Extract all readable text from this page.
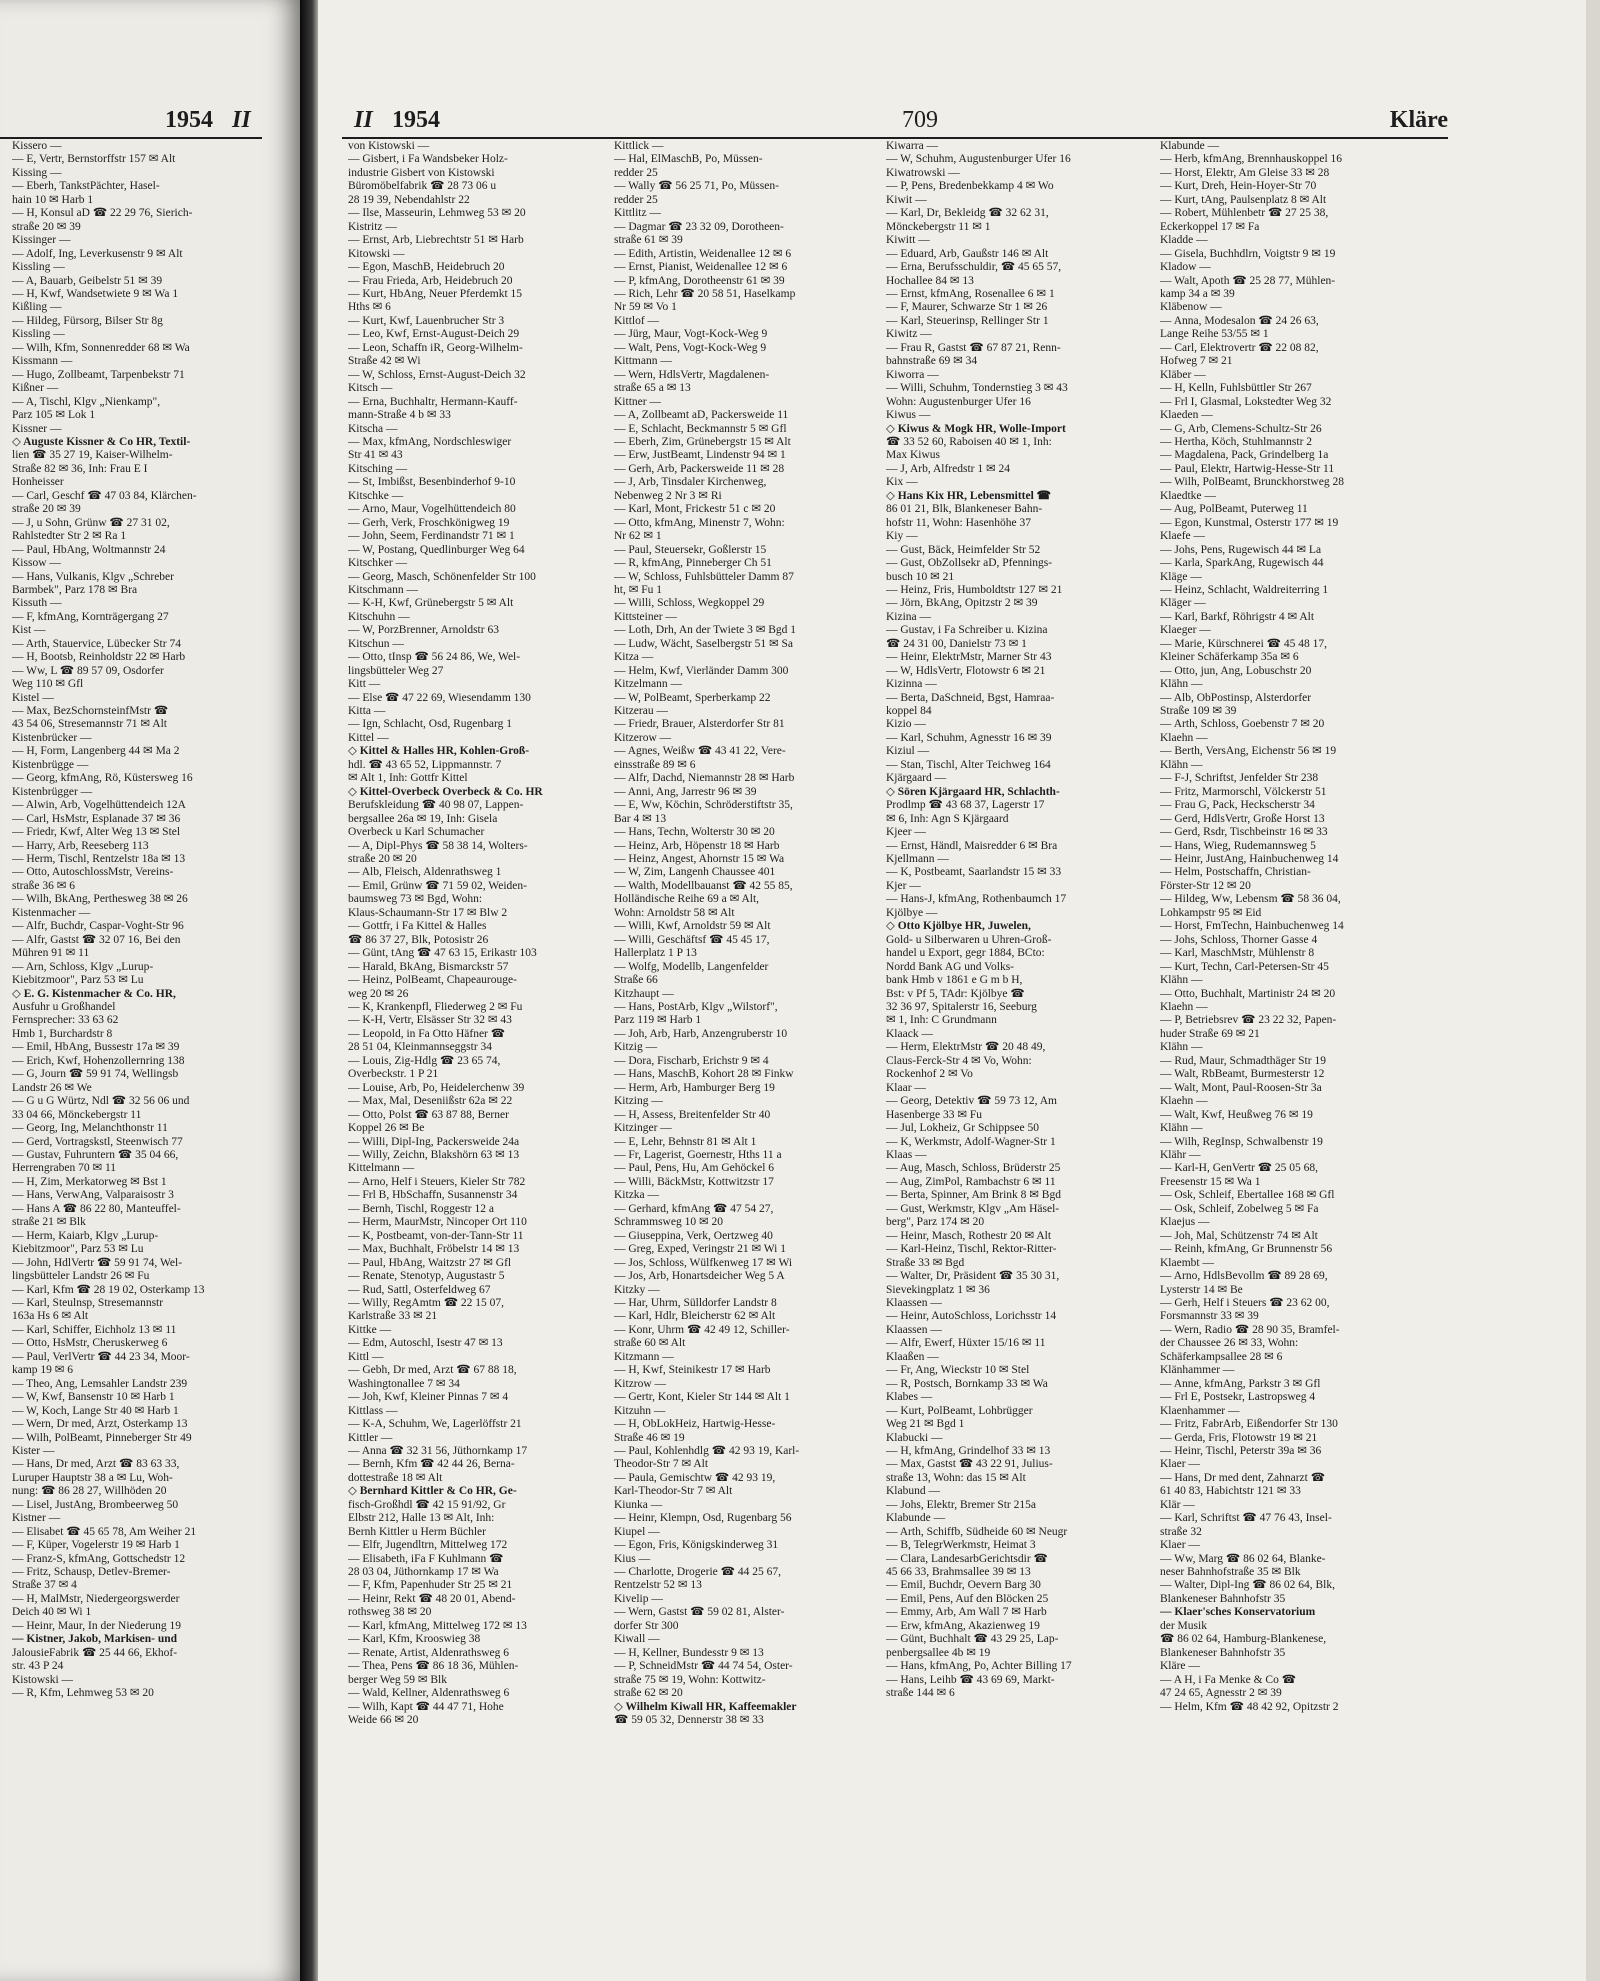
1954 II
Kissero —
— E, Vertr, Bernstorffstr 157 ✉ Alt
Kissing —
— Eberh, TankstPächter, Hasel-
hain 10 ✉ Harb 1
— H, Konsul aD ☎ 22 29 76, Sierich-
straße 20 ✉ 39
Kissinger —
— Adolf, Ing, Leverkusenstr 9 ✉ Alt
Kissling —
— A, Bauarb, Geibelstr 51 ✉ 39
— H, Kwf, Wandsetwiete 9 ✉ Wa 1
Kißling —
— Hildeg, Fürsorg, Bilser Str 8g
Kissling —
— Wilh, Kfm, Sonnenredder 68 ✉ Wa
Kissmann —
— Hugo, Zollbeamt, Tarpenbekstr 71
Kißner —
— A, Tischl, Klgv „Nienkamp",
Parz 105 ✉ Lok 1
Kissner —
◇ Auguste Kissner & Co HR, Textil-
lien ☎ 35 27 19, Kaiser-Wilhelm-
Straße 82 ✉ 36, Inh: Frau E I
Honheisser
— Carl, Geschf ☎ 47 03 84, Klärchen-
straße 20 ✉ 39
— J, u Sohn, Grünw ☎ 27 31 02,
Rahlstedter Str 2 ✉ Ra 1
— Paul, HbAng, Woltmannstr 24
Kissow —
— Hans, Vulkanis, Klgv „Schreber
Barmbek", Parz 178 ✉ Bra
Kissuth —
— F, kfmAng, Kornträgergang 27
Kist —
— Arth, Stauervice, Lübecker Str 74
— H, Bootsb, Reinholdstr 22 ✉ Harb
— Ww, L ☎ 89 57 09, Osdorfer
Weg 110 ✉ Gfl
Kistel —
— Max, BezSchornsteinfMstr ☎
43 54 06, Stresemannstr 71 ✉ Alt
Kistenbrücker —
— H, Form, Langenberg 44 ✉ Ma 2
Kistenbrügge —
— Georg, kfmAng, Rö, Küstersweg 16
Kistenbrügger —
— Alwin, Arb, Vogelhüttendeich 12A
— Carl, HsMstr, Esplanade 37 ✉ 36
— Friedr, Kwf, Alter Weg 13 ✉ Stel
— Harry, Arb, Reeseberg 113
— Herm, Tischl, Rentzelstr 18a ✉ 13
— Otto, AutoschlossMstr, Vereins-
straße 36 ✉ 6
— Wilh, BkAng, Perthesweg 38 ✉ 26
Kistenmacher —
— Alfr, Buchdr, Caspar-Voght-Str 96
— Alfr, Gastst ☎ 32 07 16, Bei den
Mühren 91 ✉ 11
— Arn, Schloss, Klgv „Lurup-
Kiebitzmoor", Parz 53 ✉ Lu
◇ E. G. Kistenmacher & Co. HR,
Ausfuhr u Großhandel
Fernsprecher: 33 63 62
Hmb 1, Burchardstr 8
— Emil, HbAng, Bussestr 17a ✉ 39
— Erich, Kwf, Hohenzollernring 138
— G, Journ ☎ 59 91 74, Wellingsb
Landstr 26 ✉ We
— G u G Würtz, Ndl ☎ 32 56 06 und
33 04 66, Mönckebergstr 11
— Georg, Ing, Melanchthonstr 11
— Gerd, Vortragskstl, Steenwisch 77
— Gustav, Fuhruntern ☎ 35 04 66,
Herrengraben 70 ✉ 11
— H, Zim, Merkatorweg ✉ Bst 1
— Hans, VerwAng, Valparaisostr 3
— Hans A ☎ 86 22 80, Manteuffel-
straße 21 ✉ Blk
— Herm, Kaiarb, Klgv „Lurup-
Kiebitzmoor", Parz 53 ✉ Lu
— John, HdlVertr ☎ 59 91 74, Wel-
lingsbütteler Landstr 26 ✉ Fu
— Karl, Kfm ☎ 28 19 02, Osterkamp 13
— Karl, Steulnsp, Stresemannstr
163a Hs 6 ✉ Alt
— Karl, Schiffer, Eichholz 13 ✉ 11
— Otto, HsMstr, Cheruskerweg 6
— Paul, VerlVertr ☎ 44 23 34, Moor-
kamp 19 ✉ 6
— Theo, Ang, Lemsahler Landstr 239
— W, Kwf, Bansenstr 10 ✉ Harb 1
— W, Koch, Lange Str 40 ✉ Harb 1
— Wern, Dr med, Arzt, Osterkamp 13
— Wilh, PolBeamt, Pinneberger Str 49
Kister —
— Hans, Dr med, Arzt ☎ 83 63 33,
Luruper Hauptstr 38 a ✉ Lu, Woh-
nung: ☎ 86 28 27, Willhöden 20
— Lisel, JustAng, Brombeerweg 50
Kistner —
— Elisabet ☎ 45 65 78, Am Weiher 21
— F, Küper, Vogelerstr 19 ✉ Harb 1
— Franz-S, kfmAng, Gottschedstr 12
— Fritz, Schausp, Detlev-Bremer-
Straße 37 ✉ 4
— H, MalMstr, Niedergeorgswerder
Deich 40 ✉ Wi 1
— Heinr, Maur, In der Niederung 19
— Kistner, Jakob, Markisen- und
JalousieFabrik ☎ 25 44 66, Ekhof-
str. 43 P 24
Kistowski —
— R, Kfm, Lehmweg 53 ✉ 20
II 1954	709	Kläre
von Kistowski —
— Gisbert, i Fa Wandsbeker Holz-
industrie Gisbert von Kistowski
Büromöbelfabrik ☎ 28 73 06 u
28 19 39, Nebendahlstr 22
— Ilse, Masseurin, Lehmweg 53 ✉ 20
Kistritz —
— Ernst, Arb, Liebrechtstr 51 ✉ Harb
Kitowski —
— Egon, MaschB, Heidebruch 20
— Frau Frieda, Arb, Heidebruch 20
— Kurt, HbAng, Neuer Pferdemkt 15
Hths ✉ 6
— Kurt, Kwf, Lauenbrucher Str 3
— Leo, Kwf, Ernst-August-Deich 29
— Leon, Schaffn iR, Georg-Wilhelm-
Straße 42 ✉ Wi
— W, Schloss, Ernst-August-Deich 32
Kitsch —
— Erna, Buchhaltr, Hermann-Kauff-
mann-Straße 4 b ✉ 33
Kitscha —
— Max, kfmAng, Nordschleswiger
Str 41 ✉ 43
Kitsching —
— St, Imbißst, Besenbinderhof 9-10
Kitschke —
— Arno, Maur, Vogelhüttendeich 80
— Gerh, Verk, Froschkönigweg 19
— John, Seem, Ferdinandstr 71 ✉ 1
— W, Postang, Quedlinburger Weg 64
Kitschker —
— Georg, Masch, Schönenfelder Str 100
Kitschmann —
— K-H, Kwf, Grünebergstr 5 ✉ Alt
Kitschuhn —
— W, PorzBrenner, Arnoldstr 63
Kitschun —
— Otto, tInsp ☎ 56 24 86, We, Wel-
lingsbütteler Weg 27
Kitt —
— Else ☎ 47 22 69, Wiesendamm 130
Kitta —
— Ign, Schlacht, Osd, Rugenbarg 1
Kittel —
◇ Kittel & Halles HR, Kohlen-Groß-
hdl. ☎ 43 65 52, Lippmannstr. 7
✉ Alt 1, Inh: Gottfr Kittel
◇ Kittel-Overbeck Overbeck & Co. HR
Berufskleidung ☎ 40 98 07, Lappen-
bergsallee 26a ✉ 19, Inh: Gisela
Overbeck u Karl Schumacher
— A, Dipl-Phys ☎ 58 38 14, Wolters-
straße 20 ✉ 20
— Alb, Fleisch, Aldenrathsweg 1
— Emil, Grünw ☎ 71 59 02, Weiden-
baumsweg 73 ✉ Bgd, Wohn:
Klaus-Schaumann-Str 17 ✉ Blw 2
— Gottfr, i Fa Kittel & Halles
☎ 86 37 27, Blk, Potosistr 26
— Günt, tAng ☎ 47 63 15, Erikastr 103
— Harald, BkAng, Bismarckstr 57
— Heinz, PolBeamt, Chapeaurouge-
weg 20 ✉ 26
— K, Krankenpfl, Fliederweg 2 ✉ Fu
— K-H, Vertr, Elsässer Str 32 ✉ 43
— Leopold, in Fa Otto Häfner ☎
28 51 04, Kleinmannseggstr 34
— Louis, Zig-Hdlg ☎ 23 65 74,
Overbeckstr. 1 P 21
— Louise, Arb, Po, Heidelerchenw 39
— Max, Mal, Deseniißstr 62a ✉ 22
— Otto, Polst ☎ 63 87 88, Berner
Koppel 26 ✉ Be
— Willi, Dipl-Ing, Packersweide 24a
— Willy, Zeichn, Blakshörn 63 ✉ 13
Kittelmann —
— Arno, Helf i Steuers, Kieler Str 782
— Frl B, HbSchaffn, Susannenstr 34
— Bernh, Tischl, Roggestr 12 a
— Herm, MaurMstr, Nincoper Ort 110
— K, Postbeamt, von-der-Tann-Str 11
— Max, Buchhalt, Fröbelstr 14 ✉ 13
— Paul, HbAng, Waitzstr 27 ✉ Gfl
— Renate, Stenotyp, Augustastr 5
— Rud, Sattl, Osterfeldweg 67
— Willy, RegAmtm ☎ 22 15 07,
Karlstraße 33 ✉ 21
Kittke —
— Edm, Autoschl, Isestr 47 ✉ 13
Kittl —
— Gebh, Dr med, Arzt ☎ 67 88 18,
Washingtonallee 7 ✉ 34
— Joh, Kwf, Kleiner Pinnas 7 ✉ 4
Kittlass —
— K-A, Schuhm, We, Lagerlöffstr 21
Kittler —
— Anna ☎ 32 31 56, Jüthornkamp 17
— Bernh, Kfm ☎ 42 44 26, Berna-
dottestraße 18 ✉ Alt
◇ Bernhard Kittler & Co HR, Ge-
fisch-Großhdl ☎ 42 15 91/92, Gr
Elbstr 212, Halle 13 ✉ Alt, Inh:
Bernh Kittler u Herm Büchler
— Elfr, Jugendltrn, Mittelweg 172
— Elisabeth, iFa F Kuhlmann ☎
28 03 04, Jüthornkamp 17 ✉ Wa
— F, Kfm, Papenhuder Str 25 ✉ 21
— Heinr, Rekt ☎ 48 20 01, Abend-
rothsweg 38 ✉ 20
— Karl, kfmAng, Mittelweg 172 ✉ 13
— Karl, Kfm, Krooswieg 38
— Renate, Artist, Aldenrathsweg 6
— Thea, Pens ☎ 86 18 36, Mühlen-
berger Weg 59 ✉ Blk
— Wald, Kellner, Aldenrathsweg 6
— Wilh, Kapt ☎ 44 47 71, Hohe
Weide 66 ✉ 20
Kittlick —
— Hal, ElMaschB, Po, Müssen-
redder 25
— Wally ☎ 56 25 71, Po, Müssen-
redder 25
Kittlitz —
— Dagmar ☎ 23 32 09, Dorotheen-
straße 61 ✉ 39
— Edith, Artistin, Weidenallee 12 ✉ 6
— Ernst, Pianist, Weidenallee 12 ✉ 6
— P, kfmAng, Dorotheenstr 61 ✉ 39
— Rich, Lehr ☎ 20 58 51, Haselkamp
Nr 59 ✉ Vo 1
Kittlof —
— Jürg, Maur, Vogt-Kock-Weg 9
— Walt, Pens, Vogt-Kock-Weg 9
Kittmann —
— Wern, HdlsVertr, Magdalenen-
straße 65 a ✉ 13
Kittner —
— A, Zollbeamt aD, Packersweide 11
— E, Schlacht, Beckmannstr 5 ✉ Gfl
— Eberh, Zim, Grünebergstr 15 ✉ Alt
— Erw, JustBeamt, Lindenstr 94 ✉ 1
— Gerh, Arb, Packersweide 11 ✉ 28
— J, Arb, Tinsdaler Kirchenweg,
Nebenweg 2 Nr 3 ✉ Ri
— Karl, Mont, Frickestr 51 c ✉ 20
— Otto, kfmAng, Minenstr 7, Wohn:
Nr 62 ✉ 1
— Paul, Steuersekr, Goßlerstr 15
— R, kfmAng, Pinneberger Ch 51
— W, Schloss, Fuhlsbütteler Damm 87
ht, ✉ Fu 1
— Willi, Schloss, Wegkoppel 29
Kittsteiner —
— Loth, Drh, An der Twiete 3 ✉ Bgd 1
— Ludw, Wächt, Saselbergstr 51 ✉ Sa
Kitza —
— Helm, Kwf, Vierländer Damm 300
Kitzelmann —
— W, PolBeamt, Sperberkamp 22
Kitzerau —
— Friedr, Brauer, Alsterdorfer Str 81
Kitzerow —
— Agnes, Weißw ☎ 43 41 22, Vere-
einsstraße 89 ✉ 6
— Alfr, Dachd, Niemannstr 28 ✉ Harb
— Anni, Ang, Jarrestr 96 ✉ 39
— E, Ww, Köchin, Schröderstiftstr 35,
Bar 4 ✉ 13
— Hans, Techn, Wolterstr 30 ✉ 20
— Heinz, Arb, Höpenstr 18 ✉ Harb
— Heinz, Angest, Ahornstr 15 ✉ Wa
— W, Zim, Langenh Chaussee 401
— Walth, Modellbauanst ☎ 42 55 85,
Holländische Reihe 69 a ✉ Alt,
Wohn: Arnoldstr 58 ✉ Alt
— Willi, Kwf, Arnoldstr 59 ✉ Alt
— Willi, Geschäftsf ☎ 45 45 17,
Hallerplatz 1 P 13
— Wolfg, Modellb, Langenfelder
Straße 66
Kitzhaupt —
— Hans, PostArb, Klgv „Wilstorf",
Parz 119 ✉ Harb 1
— Joh, Arb, Harb, Anzengruberstr 10
Kitzig —
— Dora, Fischarb, Erichstr 9 ✉ 4
— Hans, MaschB, Kohort 28 ✉ Finkw
— Herm, Arb, Hamburger Berg 19
Kitzing —
— H, Assess, Breitenfelder Str 40
Kitzinger —
— E, Lehr, Behnstr 81 ✉ Alt 1
— Fr, Lagerist, Goernestr, Hths 11 a
— Paul, Pens, Hu, Am Gehöckel 6
— Willi, BäckMstr, Kottwitzstr 17
Kitzka —
— Gerhard, kfmAng ☎ 47 54 27,
Schrammsweg 10 ✉ 20
— Giuseppina, Verk, Oertzweg 40
— Greg, Exped, Veringstr 21 ✉ Wi 1
— Jos, Schloss, Wülfkenweg 17 ✉ Wi
— Jos, Arb, Honartsdeicher Weg 5 A
Kitzky —
— Har, Uhrm, Sülldorfer Landstr 8
— Karl, Hdlr, Bleicherstr 62 ✉ Alt
— Konr, Uhrm ☎ 42 49 12, Schiller-
straße 60 ✉ Alt
Kitzmann —
— H, Kwf, Steinikestr 17 ✉ Harb
Kitzrow —
— Gertr, Kont, Kieler Str 144 ✉ Alt 1
Kitzuhn —
— H, ObLokHeiz, Hartwig-Hesse-
Straße 46 ✉ 19
— Paul, Kohlenhdlg ☎ 42 93 19, Karl-
Theodor-Str 7 ✉ Alt
— Paula, Gemischtw ☎ 42 93 19,
Karl-Theodor-Str 7 ✉ Alt
Kiunka —
— Heinr, Klempn, Osd, Rugenbarg 56
Kiupel —
— Egon, Fris, Königskinderweg 31
Kius —
— Charlotte, Drogerie ☎ 44 25 67,
Rentzelstr 52 ✉ 13
Kivelip —
— Wern, Gastst ☎ 59 02 81, Alster-
dorfer Str 300
Kiwall —
— H, Kellner, Bundesstr 9 ✉ 13
— P, SchneidMstr ☎ 44 74 54, Oster-
straße 75 ✉ 19, Wohn: Kottwitz-
straße 62 ✉ 20
◇ Wilhelm Kiwall HR, Kaffeemakler
☎ 59 05 32, Dennerstr 38 ✉ 33
Kiwarra —
— W, Schuhm, Augustenburger Ufer 16
Kiwatrowski —
— P, Pens, Bredenbekkamp 4 ✉ Wo
Kiwit —
— Karl, Dr, Bekleidg ☎ 32 62 31,
Mönckebergstr 11 ✉ 1
Kiwitt —
— Eduard, Arb, Gaußstr 146 ✉ Alt
— Erna, Berufsschuldir, ☎ 45 65 57,
Hochallee 84 ✉ 13
— Ernst, kfmAng, Rosenallee 6 ✉ 1
— F, Maurer, Schwarze Str 1 ✉ 26
— Karl, Steuerinsp, Rellinger Str 1
Kiwitz —
— Frau R, Gastst ☎ 67 87 21, Renn-
bahnstraße 69 ✉ 34
Kiworra —
— Willi, Schuhm, Tondernstieg 3 ✉ 43
Wohn: Augustenburger Ufer 16
Kiwus —
◇ Kiwus & Mogk HR, Wolle-Import
☎ 33 52 60, Raboisen 40 ✉ 1, Inh:
Max Kiwus
— J, Arb, Alfredstr 1 ✉ 24
Kix —
◇ Hans Kix HR, Lebensmittel ☎
86 01 21, Blk, Blankeneser Bahn-
hofstr 11, Wohn: Hasenhöhe 37
Kiy —
— Gust, Bäck, Heimfelder Str 52
— Gust, ObZollsekr aD, Pfennings-
busch 10 ✉ 21
— Heinz, Fris, Humboldtstr 127 ✉ 21
— Jörn, BkAng, Opitzstr 2 ✉ 39
Kizina —
— Gustav, i Fa Schreiber u. Kizina
☎ 24 31 00, Danielstr 73 ✉ 1
— Heinr, ElektrMstr, Marner Str 43
— W, HdlsVertr, Flotowstr 6 ✉ 21
Kizinna —
— Berta, DaSchneid, Bgst, Hamraa-
koppel 84
Kizio —
— Karl, Schuhm, Agnesstr 16 ✉ 39
Kiziul —
— Stan, Tischl, Alter Teichweg 164
Kjärgaard —
◇ Sören Kjärgaard HR, Schlachth-
Prodlmp ☎ 43 68 37, Lagerstr 17
✉ 6, Inh: Agn S Kjärgaard
Kjeer —
— Ernst, Händl, Maisredder 6 ✉ Bra
Kjellmann —
— K, Postbeamt, Saarlandstr 15 ✉ 33
Kjer —
— Hans-J, kfmAng, Rothenbaumch 17
Kjölbye —
◇ Otto Kjölbye HR, Juwelen,
Gold- u Silberwaren u Uhren-Groß-
handel u Export, gegr 1884, BCto:
Nordd Bank AG und Volks-
bank Hmb v 1861 e G m b H,
Bst: v Pf 5, TAdr: Kjölbye ☎
32 36 97, Spitalerstr 16, Seeburg
✉ 1, Inh: C Grundmann
Klaack —
— Herm, ElektrMstr ☎ 20 48 49,
Claus-Ferck-Str 4 ✉ Vo, Wohn:
Rockenhof 2 ✉ Vo
Klaar —
— Georg, Detektiv ☎ 59 73 12, Am
Hasenberge 33 ✉ Fu
— Jul, Lokheiz, Gr Schippsee 50
— K, Werkmstr, Adolf-Wagner-Str 1
Klaas —
— Aug, Masch, Schloss, Brüderstr 25
— Aug, ZimPol, Rambachstr 6 ✉ 11
— Berta, Spinner, Am Brink 8 ✉ Bgd
— Gust, Werkmstr, Klgv „Am Häsel-
berg", Parz 174 ✉ 20
— Heinr, Masch, Rothestr 20 ✉ Alt
— Karl-Heinz, Tischl, Rektor-Ritter-
Straße 33 ✉ Bgd
— Walter, Dr, Präsident ☎ 35 30 31,
Sievekingplatz 1 ✉ 36
Klaassen —
— Heinr, AutoSchloss, Lorichsstr 14
Klaassen —
— Alfr, Ewerf, Hüxter 15/16 ✉ 11
Klaaßen —
— Fr, Ang, Wieckstr 10 ✉ Stel
— R, Postsch, Bornkamp 33 ✉ Wa
Klabes —
— Kurt, PolBeamt, Lohbrügger
Weg 21 ✉ Bgd 1
Klabucki —
— H, kfmAng, Grindelhof 33 ✉ 13
— Max, Gastst ☎ 43 22 91, Julius-
straße 13, Wohn: das 15 ✉ Alt
Klabund —
— Johs, Elektr, Bremer Str 215a
Klabunde —
— Arth, Schiffb, Südheide 60 ✉ Neugr
— B, TelegrWerkmstr, Heimat 3
— Clara, LandesarbGerichtsdir ☎
45 66 33, Brahmsallee 39 ✉ 13
— Emil, Buchdr, Oevern Barg 30
— Emil, Pens, Auf den Blöcken 25
— Emmy, Arb, Am Wall 7 ✉ Harb
— Erw, kfmAng, Akazienweg 19
— Günt, Buchhalt ☎ 43 29 25, Lap-
penbergsallee 4b ✉ 19
— Hans, kfmAng, Po, Achter Billing 17
— Hans, Leihb ☎ 43 69 69, Markt-
straße 144 ✉ 6
Klabunde —
— Herb, kfmAng, Brennhauskoppel 16
— Horst, Elektr, Am Gleise 33 ✉ 28
— Kurt, Dreh, Hein-Hoyer-Str 70
— Kurt, tAng, Paulsenplatz 8 ✉ Alt
— Robert, Mühlenbetr ☎ 27 25 38,
Eckerkoppel 17 ✉ Fa
Kladde —
— Gisela, Buchhdlrn, Voigtstr 9 ✉ 19
Kladow —
— Walt, Apoth ☎ 25 28 77, Mühlen-
kamp 34 a ✉ 39
Kläbenow —
— Anna, Modesalon ☎ 24 26 63,
Lange Reihe 53/55 ✉ 1
— Carl, Elektrovertr ☎ 22 08 82,
Hofweg 7 ✉ 21
Kläber —
— H, Kelln, Fuhlsbüttler Str 267
— Frl I, Glasmal, Lokstedter Weg 32
Klaeden —
— G, Arb, Clemens-Schultz-Str 26
— Hertha, Köch, Stuhlmannstr 2
— Magdalena, Pack, Grindelberg 1a
— Paul, Elektr, Hartwig-Hesse-Str 11
— Wilh, PolBeamt, Brunckhorstweg 28
Klaedtke —
— Aug, PolBeamt, Puterweg 11
— Egon, Kunstmal, Osterstr 177 ✉ 19
Klaefe —
— Johs, Pens, Rugewisch 44 ✉ La
— Karla, SparkAng, Rugewisch 44
Kläge —
— Heinz, Schlacht, Waldreiterring 1
Kläger —
— Karl, Barkf, Röhrigstr 4 ✉ Alt
Klaeger —
— Marie, Kürschnerei ☎ 45 48 17,
Kleiner Schäferkamp 35a ✉ 6
— Otto, jun, Ang, Lobuschstr 20
Klähn —
— Alb, ObPostinsp, Alsterdorfer
Straße 109 ✉ 39
— Arth, Schloss, Goebenstr 7 ✉ 20
Klaehn —
— Berth, VersAng, Eichenstr 56 ✉ 19
Klähn —
— F-J, Schriftst, Jenfelder Str 238
— Fritz, Marmorschl, Völckerstr 51
— Frau G, Pack, Heckscherstr 34
— Gerd, HdlsVertr, Große Horst 13
— Gerd, Rsdr, Tischbeinstr 16 ✉ 33
— Hans, Wieg, Rudemannsweg 5
— Heinr, JustAng, Hainbuchenweg 14
— Helm, Postschaffn, Christian-
Förster-Str 12 ✉ 20
— Hildeg, Ww, Lebensm ☎ 58 36 04,
Lohkampstr 95 ✉ Eid
— Horst, FmTechn, Hainbuchenweg 14
— Johs, Schloss, Thorner Gasse 4
— Karl, MaschMstr, Mühlenstr 8
— Kurt, Techn, Carl-Petersen-Str 45
Klähn —
— Otto, Buchhalt, Martinistr 24 ✉ 20
Klaehn —
— P, Betriebsrev ☎ 23 22 32, Papen-
huder Straße 69 ✉ 21
Klähn —
— Rud, Maur, Schmadthäger Str 19
— Walt, RbBeamt, Burmesterstr 12
— Walt, Mont, Paul-Roosen-Str 3a
Klaehn —
— Walt, Kwf, Heußweg 76 ✉ 19
Klähn —
— Wilh, RegInsp, Schwalbenstr 19
Klähr —
— Karl-H, GenVertr ☎ 25 05 68,
Freesenstr 15 ✉ Wa 1
— Osk, Schleif, Ebertallee 168 ✉ Gfl
— Osk, Schleif, Zobelweg 5 ✉ Fa
Klaejus —
— Joh, Mal, Schützenstr 74 ✉ Alt
— Reinh, kfmAng, Gr Brunnenstr 56
Klaembt —
— Arno, HdlsBevollm ☎ 89 28 69,
Lysterstr 14 ✉ Be
— Gerh, Helf i Steuers ☎ 23 62 00,
Forsmannstr 33 ✉ 39
— Wern, Radio ☎ 28 90 35, Bramfel-
der Chaussee 26 ✉ 33, Wohn:
Schäferkampsallee 28 ✉ 6
Klänhammer —
— Anne, kfmAng, Parkstr 3 ✉ Gfl
— Frl E, Postsekr, Lastropsweg 4
Klaenhammer —
— Fritz, FabrArb, Eißendorfer Str 130
— Gerda, Fris, Flotowstr 19 ✉ 21
— Heinr, Tischl, Peterstr 39a ✉ 36
Klaer —
— Hans, Dr med dent, Zahnarzt ☎
61 40 83, Habichtstr 121 ✉ 33
Klär —
— Karl, Schriftst ☎ 47 76 43, Insel-
straße 32
Klaer —
— Ww, Marg ☎ 86 02 64, Blanke-
neser Bahnhofstraße 35 ✉ Blk
— Walter, Dipl-Ing ☎ 86 02 64, Blk,
Blankeneser Bahnhofstr 35
— Klaer'sches Konservatorium
der Musik
☎ 86 02 64, Hamburg-Blankenese,
Blankeneser Bahnhofstr 35
Kläre —
— A H, i Fa Menke & Co ☎
47 24 65, Agnesstr 2 ✉ 39
— Helm, Kfm ☎ 48 42 92, Opitzstr 2
